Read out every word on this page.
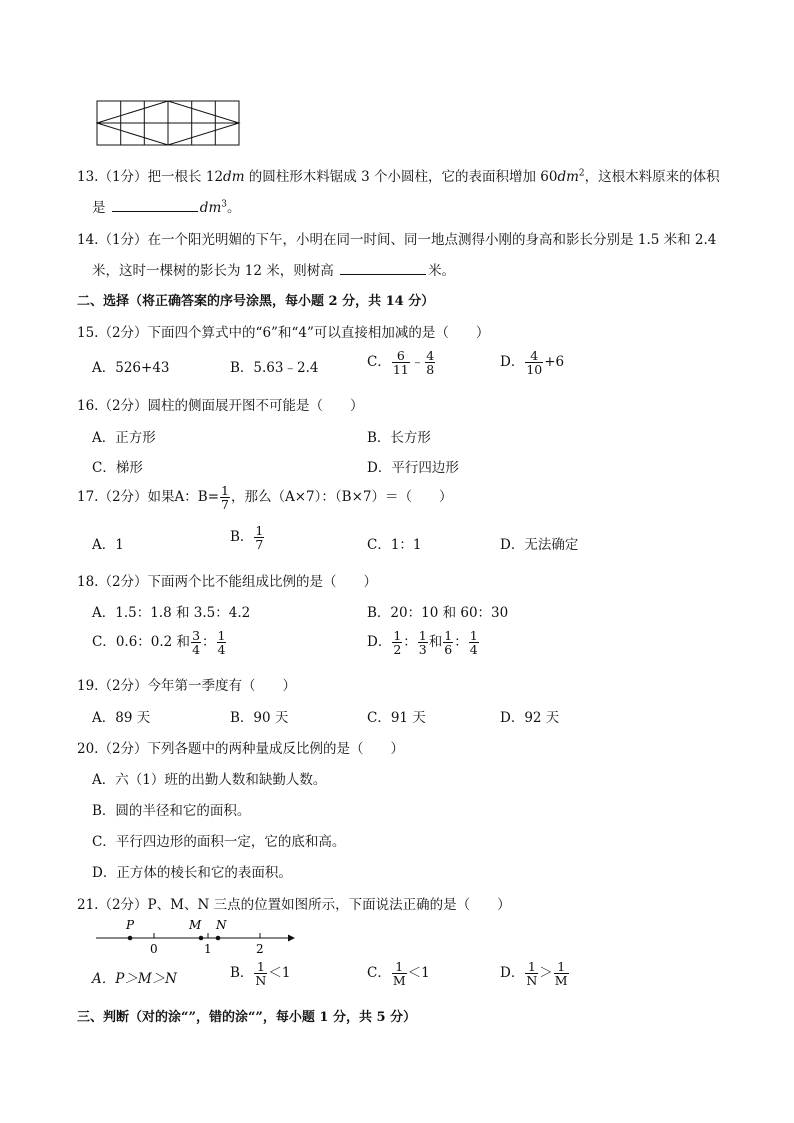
13.（1分）把一根长 12dm 的圆柱形木料锯成 3 个小圆柱，它的表面积增加 $60dm^2$，这根木料原来的体积
是	$dm^3$。
14.（1分）在一个阳光明媚的下午，小明在同一时间、同一地点测得小刚的身高和影长分别是 1.5 米和 2.4
米，这时一棵树的影长为 12 米，则树高	米。
二、选择（将正确答案的序号涂黑，每小题 2 分，共 14 分）
15.（2分）下面四个算式中的“6”和“4”可以直接相加减的是（　　）
A．526+43	B．5.63﹣2.4	C． $\frac{6}{11}$ ﹣ $\frac{4}{8}$	D． $\frac{4}{10} +6$
16.（2分）圆柱的侧面展开图不可能是（　　）
A．正方形	B．长方形
C．梯形	D．平行四边形
17.（2分）如果A：$B= \frac{1}{7}$ ，那么（A×7）：（B×7）＝（　　）
A．1	B． $\frac{1}{7}$	C．1：1	D．无法确定
18.（2分）下面两个比不能组成比例的是（　　）
A．1.5：1.8 和 3.5：4.2	B．20：10 和 60：30
C．0.6：0.2 和 $\frac{3}{4}$ ： $\frac{1}{4}$	D． $\frac{1}{2}$ ： $\frac{1}{3}$ 和 $\frac{1}{6}$ ： $\frac{1}{4}$
19.（2分）今年第一季度有（　　）
A．89 天	B．90 天	C．91 天	D．92 天
20.（2分）下列各题中的两种量成反比例的是（　　）
A．六（1）班的出勤人数和缺勤人数。
B．圆的半径和它的面积。
C．平行四边形的面积一定，它的底和高。
D．正方体的棱长和它的表面积。
21.（2分）P、M、N 三点的位置如图所示，下面说法正确的是（　　）
P	M N
0	1	2
A．P＞M＞N	B． $\frac{1}{N} <1$	C． $\frac{1}{M} <1$	D． $\frac{1}{N} > \frac{1}{M}$
三、判断（对的涂“”，错的涂“”，每小题 1 分，共 5 分）
